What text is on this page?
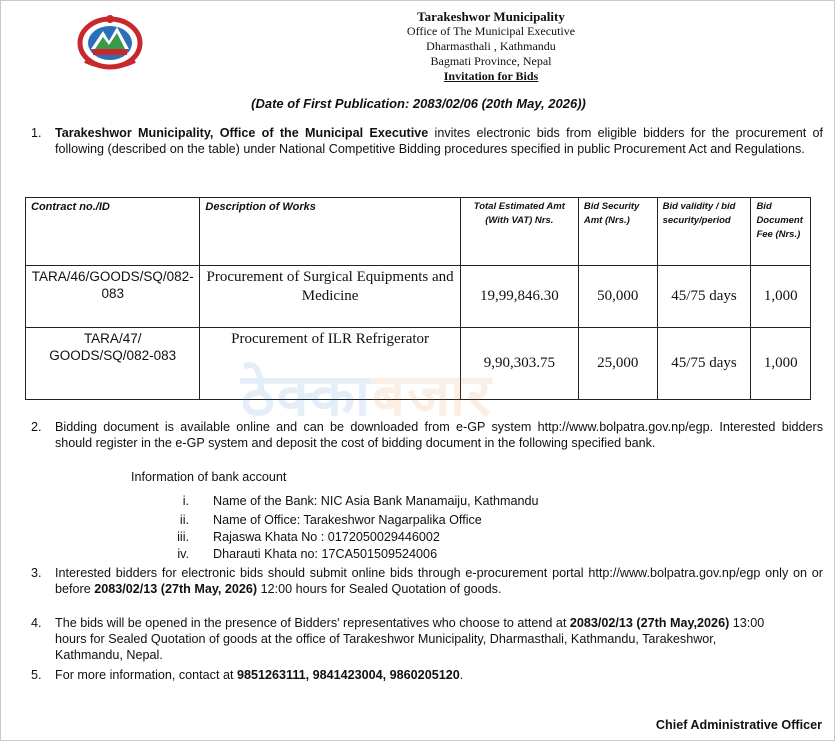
Tarakeshwor Municipality
Office of The Municipal Executive
Dharmasthali , Kathmandu
Bagmati Province, Nepal
Invitation for Bids
(Date of First Publication: 2083/02/06 (20th May, 2026))
1. Tarakeshwor Municipality, Office of the Municipal Executive invites electronic bids from eligible bidders for the procurement of following (described on the table) under National Competitive Bidding procedures specified in public Procurement Act and Regulations.
Contract no./ID	Description of Works	Total Estimated Amt (With VAT) Nrs.	Bid Security Amt (Nrs.)	Bid validity / bid security/period	Bid Document Fee (Nrs.)
TARA/46/GOODS/SQ/082-083	Procurement of Surgical Equipments and Medicine	19,99,846.30	50,000	45/75 days	1,000
TARA/47/ GOODS/SQ/082-083	Procurement of ILR Refrigerator	9,90,303.75	25,000	45/75 days	1,000
ठेक्काबजार
2. Bidding document is available online and can be downloaded from e-GP system http://www.bolpatra.gov.np/egp. Interested bidders should register in the e-GP system and deposit the cost of bidding document in the following specified bank.
Information of bank account
i. Name of the Bank: NIC Asia Bank Manamaiju, Kathmandu
ii. Name of Office: Tarakeshwor Nagarpalika Office
iii. Rajaswa Khata No : 0172050029446002
iv. Dharauti Khata no: 17CA501509524006
3. Interested bidders for electronic bids should submit online bids through e-procurement portal http://www.bolpatra.gov.np/egp only on or before 2083/02/13 (27th May, 2026) 12:00 hours for Sealed Quotation of goods.
4. The bids will be opened in the presence of Bidders' representatives who choose to attend at 2083/02/13 (27th May,2026) 13:00 hours for Sealed Quotation of goods at the office of Tarakeshwor Municipality, Dharmasthali, Kathmandu, Tarakeshwor, Kathmandu, Nepal.
5. For more information, contact at 9851263111, 9841423004, 9860205120.
Chief Administrative Officer
